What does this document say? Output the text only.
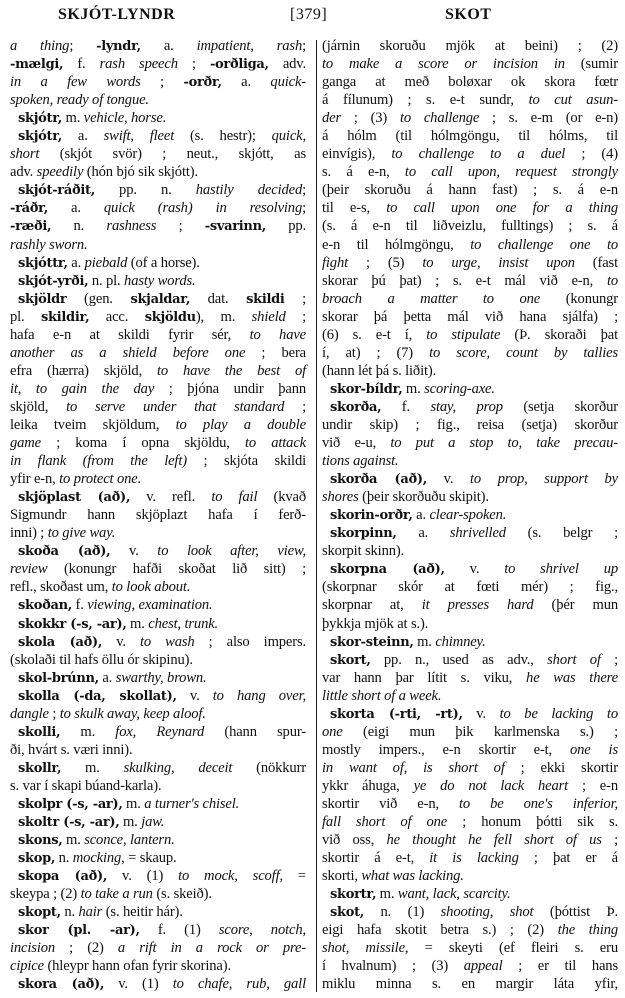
SKJÓT-LYNDR	[379]	SKOT
a thing; -lyndr, a. impatient, rash;
-mælgi, f. rash speech ; -orðliga, adv.
in a few words ; -orðr, a. quick-
spoken, ready of tongue.
skjótr, m. vehicle, horse.
skjótr, a. swift, fleet (s. hestr); quick,
short (skjót svör) ; neut., skjótt, as
adv. speedily (hón bjó sik skjótt).
skjót-ráðit, pp. n. hastily decided;
-ráðr, a. quick (rash) in resolving;
-ræði, n. rashness ; -svarinn, pp.
rashly sworn.
skjóttr, a. piebald (of a horse).
skjót-yrði, n. pl. hasty words.
skjöldr (gen. skjaldar, dat. skildi ;
pl. skildir, acc. skjöldu), m. shield ;
hafa e-n at skildi fyrir sér, to have
another as a shield before one ; bera
efra (hærra) skjöld, to have the best of
it, to gain the day ; þjóna undir þann
skjöld, to serve under that standard ;
leika tveim skjöldum, to play a double
game ; koma í opna skjöldu, to attack
in flank (from the left) ; skjóta skildi
yfir e-n, to protect one.
skjöplast (að), v. refl. to fail (kvað
Sigmundr hann skjöplazt hafa í ferð-
inni) ; to give way.
skoða (að), v. to look after, view,
review (konungr hafði skoðat lið sitt) ;
refl., skoðast um, to look about.
skoðan, f. viewing, examination.
skokkr (-s, -ar), m. chest, trunk.
skola (að), v. to wash ; also impers.
(skolaði til hafs öllu ór skipinu).
skol-brúnn, a. swarthy, brown.
skolla (-da, skollat), v. to hang over,
dangle ; to skulk away, keep aloof.
skolli, m. fox, Reynard (hann spur-
ði, hvárt s. væri inni).
skollr, m. skulking, deceit (nökkurr
s. var í skapi búand-karla).
skolpr (-s, -ar), m. a turner's chisel.
skoltr (-s, -ar), m. jaw.
skons, m. sconce, lantern.
skop, n. mocking, = skaup.
skopa (að), v. (1) to mock, scoff, =
skeypa ; (2) to take a run (s. skeið).
skopt, n. hair (s. heitir hár).
skor (pl. -ar), f. (1) score, notch,
incision ; (2) a rift in a rock or pre-
cipice (hleypr hann ofan fyrir skorina).
skora (að), v. (1) to chafe, rub, gall
(járnin skoruðu mjök at beini) ; (2)
to make a score or incision in (sumir
ganga at með boløxar ok skora fœtr
á fílunum) ; s. e-t sundr, to cut asun-
der ; (3) to challenge ; s. e-m (or e-n)
á hólm (til hólmgöngu, til hólms, til
einvígis), to challenge to a duel ; (4)
s. á e-n, to call upon, request strongly
(þeir skoruðu á hann fast) ; s. á e-n
til e-s, to call upon one for a thing
(s. á e-n til liðveizlu, fulltings) ; s. á
e-n til hólmgöngu, to challenge one to
fight ; (5) to urge, insist upon (fast
skorar þú þat) ; s. e-t mál við e-n, to
broach a matter to one (konungr
skorar þá þetta mál við hana sjálfa) ;
(6) s. e-t í, to stipulate (Þ. skoraði þat
í, at) ; (7) to score, count by tallies
(hann lét þá s. liðit).
skor-bíldr, m. scoring-axe.
skorða, f. stay, prop (setja skorður
undir skip) ; fig., reisa (setja) skorður
við e-u, to put a stop to, take precau-
tions against.
skorða (að), v. to prop, support by
shores (þeir skorðuðu skipit).
skorin-orðr, a. clear-spoken.
skorpinn, a. shrivelled (s. belgr ;
skorpit skinn).
skorpna (að), v. to shrivel up
(skorpnar skór at fœti mér) ; fig.,
skorpnar at, it presses hard (þér mun
þykkja mjök at s.).
skor-steinn, m. chimney.
skort, pp. n., used as adv., short of ;
var hann þar lítit s. viku, he was there
little short of a week.
skorta (-rti, -rt), v. to be lacking to
one (eigi mun þik karlmenska s.) ;
mostly impers., e-n skortir e-t, one is
in want of, is short of ; ekki skortir
ykkr áhuga, ye do not lack heart ; e-n
skortir við e-n, to be one's inferior,
fall short of one ; honum þótti sik s.
við oss, he thought he fell short of us ;
skortir á e-t, it is lacking ; þat er á
skorti, what was lacking.
skortr, m. want, lack, scarcity.
skot, n. (1) shooting, shot (þóttist Þ.
eigi hafa skotit betra s.) ; (2) the thing
shot, missile, = skeyti (ef fleiri s. eru
í hvalnum) ; (3) appeal ; er til hans
miklu minna s. en margir láta yfir,
